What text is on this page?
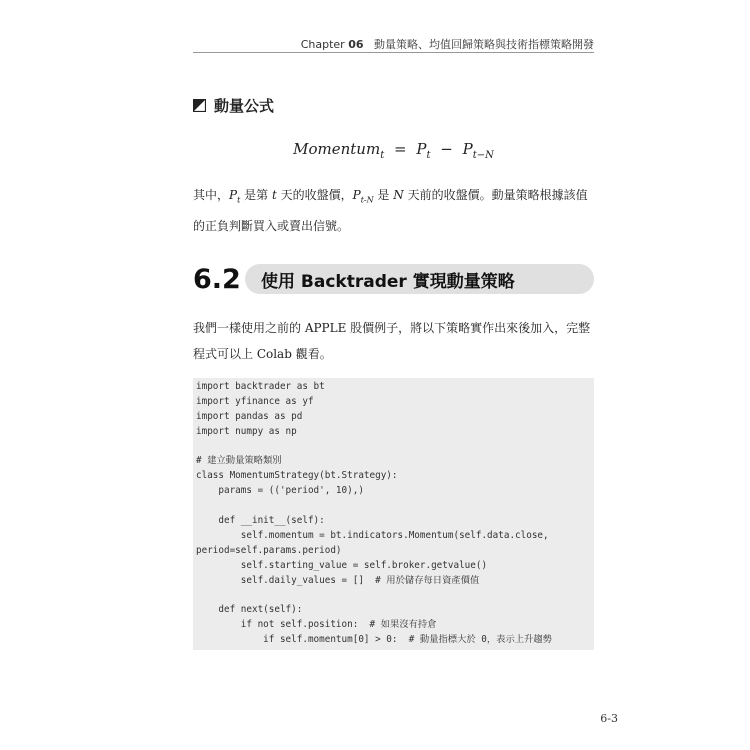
Chapter 06 動量策略、均值回歸策略與技術指標策略開發
動量公式
Momentum$_t$ = $P_t - P_{t-N}$
其中，$P_t$ 是第 t 天的收盤價，$P_{t-N}$ 是 N 天前的收盤價。動量策略根據該值的正負判斷買入或賣出信號。
6.2 使用 Backtrader 實現動量策略
我們一樣使用之前的 APPLE 股價例子，將以下策略實作出來後加入，完整程式可以上 Colab 觀看。
import backtrader as bt
import yfinance as yf
import pandas as pd
import numpy as np
# 建立動量策略類別
class MomentumStrategy(bt.Strategy):
params = (('period', 10),)
def __init__(self):
self.momentum = bt.indicators.Momentum(self.data.close,
period=self.params.period)
self.starting_value = self.broker.getvalue()
self.daily_values = []  # 用於儲存每日資產價值
def next(self):
if not self.position:  # 如果沒有持倉
if self.momentum[0] > 0:  # 動量指標大於 0，表示上升趨勢
6-3
